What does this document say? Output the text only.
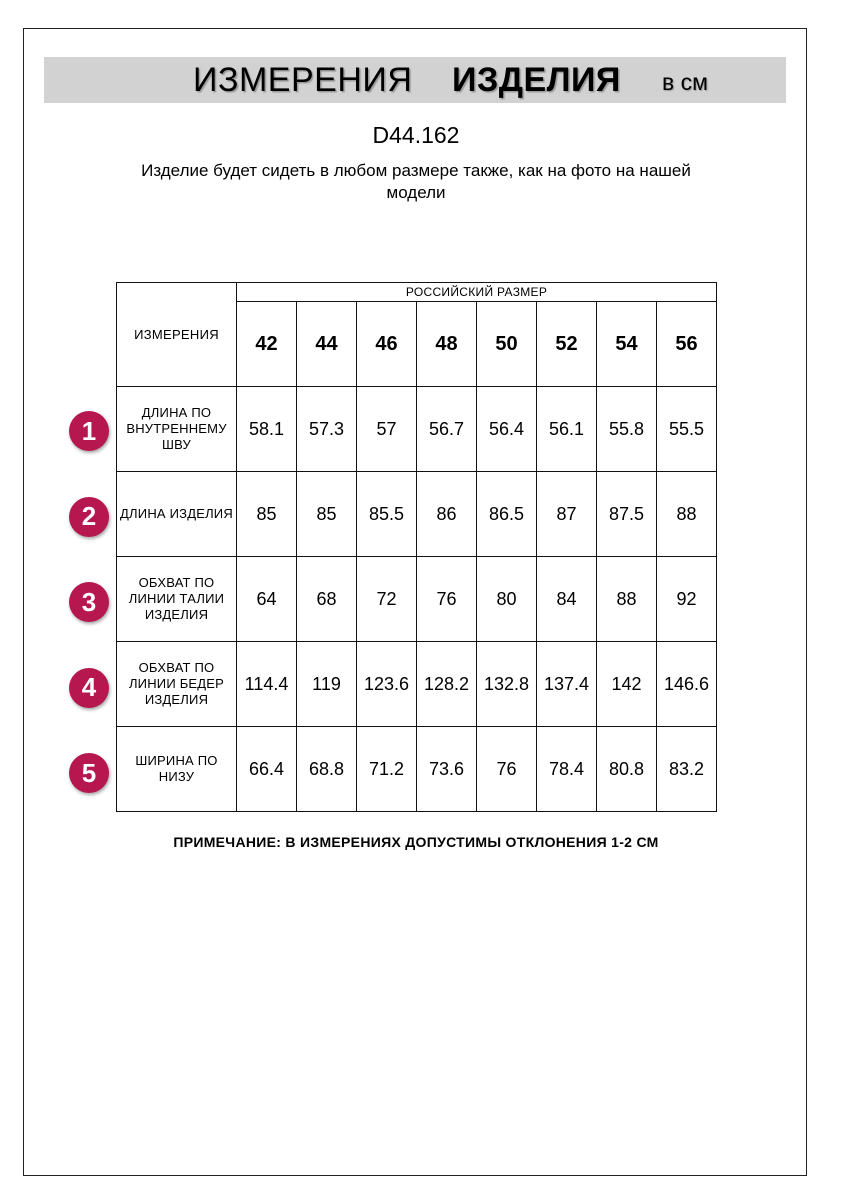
ИЗМЕРЕНИЯ ИЗДЕЛИЯ в см
D44.162
Изделие будет сидеть в любом размере также, как на фото на нашей модели
ИЗМЕРЕНИЯ	РОССИЙСКИЙ РАЗМЕР							
	42	44	46	48	50	52	54	56
ДЛИНА ПО ВНУТРЕННЕМУ ШВУ	58.1	57.3	57	56.7	56.4	56.1	55.8	55.5
ДЛИНА ИЗДЕЛИЯ	85	85	85.5	86	86.5	87	87.5	88
ОБХВАТ ПО ЛИНИИ ТАЛИИ ИЗДЕЛИЯ	64	68	72	76	80	84	88	92
ОБХВАТ ПО ЛИНИИ БЕДЕР ИЗДЕЛИЯ	114.4	119	123.6	128.2	132.8	137.4	142	146.6
ШИРИНА ПО НИЗУ	66.4	68.8	71.2	73.6	76	78.4	80.8	83.2
1
2
3
4
5
ПРИМЕЧАНИЕ: В ИЗМЕРЕНИЯХ ДОПУСТИМЫ ОТКЛОНЕНИЯ 1-2 СМ
